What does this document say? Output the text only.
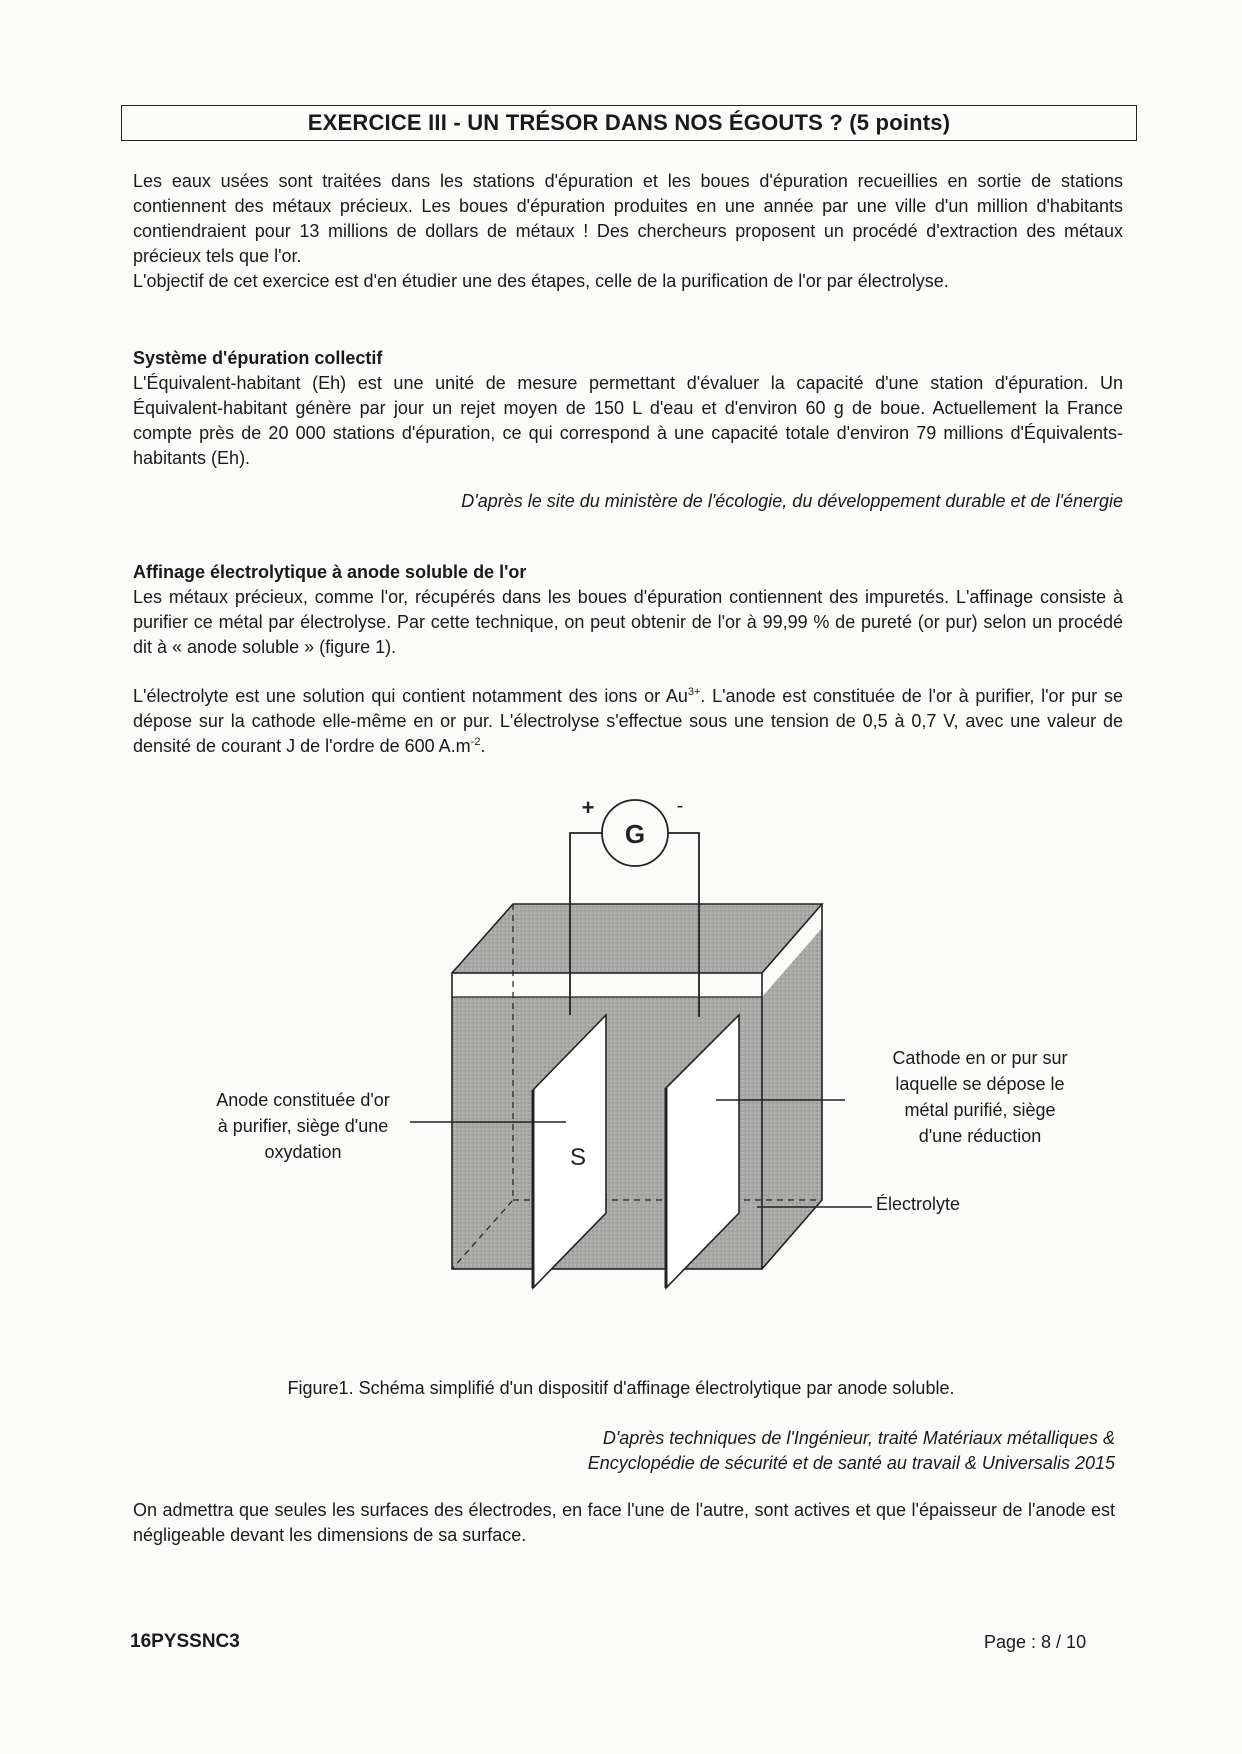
EXERCICE III - UN TRÉSOR DANS NOS ÉGOUTS ? (5 points)

Les eaux usées sont traitées dans les stations d'épuration et les boues d'épuration recueillies en sortie de stations contiennent des métaux précieux. Les boues d'épuration produites en une année par une ville d'un million d'habitants contiendraient pour 13 millions de dollars de métaux ! Des chercheurs proposent un procédé d'extraction des métaux précieux tels que l'or.

L'objectif de cet exercice est d'en étudier une des étapes, celle de la purification de l'or par électrolyse.

Système d'épuration collectif

L'Équivalent-habitant (Eh) est une unité de mesure permettant d'évaluer la capacité d'une station d'épuration. Un Équivalent-habitant génère par jour un rejet moyen de 150 L d'eau et d'environ 60 g de boue. Actuellement la France compte près de 20 000 stations d'épuration, ce qui correspond à une capacité totale d'environ 79 millions d'Équivalents-habitants (Eh).

D'après le site du ministère de l'écologie, du développement durable et de l'énergie

Affinage électrolytique à anode soluble de l'or

Les métaux précieux, comme l'or, récupérés dans les boues d'épuration contiennent des impuretés. L'affinage consiste à purifier ce métal par électrolyse. Par cette technique, on peut obtenir de l'or à 99,99 % de pureté (or pur) selon un procédé dit à « anode soluble » (figure 1).

L'électrolyte est une solution qui contient notamment des ions or $Au^{3+}$. L'anode est constituée de l'or à purifier, l'or pur se dépose sur la cathode elle-même en or pur. L'électrolyse s'effectue sous une tension de 0,5 à 0,7 V, avec une valeur de densité de courant J de l'ordre de 600 $A.m^{-2}$.

G
+	-
S
Anode constituée d'or
à purifier, siège d'une
oxydation
Cathode en or pur sur
laquelle se dépose le
métal purifié, siège
d'une réduction
Électrolyte
Figure1. Schéma simplifié d'un dispositif d'affinage électrolytique par anode soluble.

D'après techniques de l'Ingénieur, traité Matériaux métalliques &

Encyclopédie de sécurité et de santé au travail & Universalis 2015

On admettra que seules les surfaces des électrodes, en face l'une de l'autre, sont actives et que l'épaisseur de l'anode est négligeable devant les dimensions de sa surface.

16PYSSNC3	Page : 8 / 10
